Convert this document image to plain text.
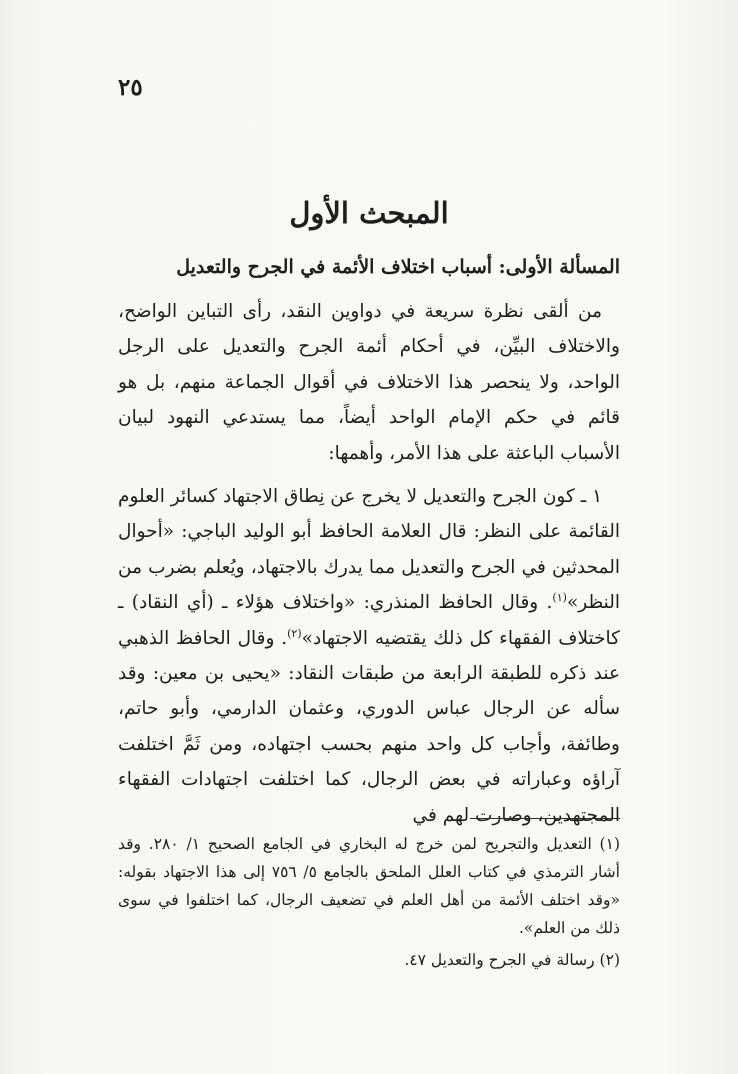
٢٥
المبحث الأول
المسألة الأولى: أسباب اختلاف الأئمة في الجرح والتعديل

من ألقى نظرة سريعة في دواوين النقد، رأى التباين الواضح، والاختلاف البيِّن، في أحكام أئمة الجرح والتعديل على الرجل الواحد، ولا ينحصر هذا الاختلاف في أقوال الجماعة منهم، بل هو قائم في حكم الإمام الواحد أيضاً، مما يستدعي النهود لبيان الأسباب الباعثة على هذا الأمر، وأهمها:

١ ـ كون الجرح والتعديل لا يخرج عن نِطاق الاجتهاد كسائر العلوم القائمة على النظر: قال العلامة الحافظ أبو الوليد الباجي: «أحوال المحدثين في الجرح والتعديل مما يدرك بالاجتهاد، ويُعلم بضرب من النظر»$^{(١)}$. وقال الحافظ المنذري: «واختلاف هؤلاء ـ (أي النقاد) ـ كاختلاف الفقهاء كل ذلك يقتضيه الاجتهاد»$^{(٢)}$. وقال الحافظ الذهبي عند ذكره للطبقة الرابعة من طبقات النقاد: «يحيى بن معين: وقد سأله عن الرجال عباس الدوري، وعثمان الدارمي، وأبو حاتم، وطائفة، وأجاب كل واحد منهم بحسب اجتهاده، ومن ثَمَّ اختلفت آراؤه وعباراته في بعض الرجال، كما اختلفت اجتهادات الفقهاء المجتهدين، وصارت لهم في

(١) التعديل والتجريح لمن خرج له البخاري في الجامع الصحيح ١/ ٢٨٠. وقد أشار الترمذي في كتاب العلل الملحق بالجامع ٥/ ٧٥٦ إلى هذا الاجتهاد بقوله: «وقد اختلف الأئمة من أهل العلم في تضعيف الرجال، كما اختلفوا في سوى ذلك من العلم».

(٢) رسالة في الجرح والتعديل ٤٧.
